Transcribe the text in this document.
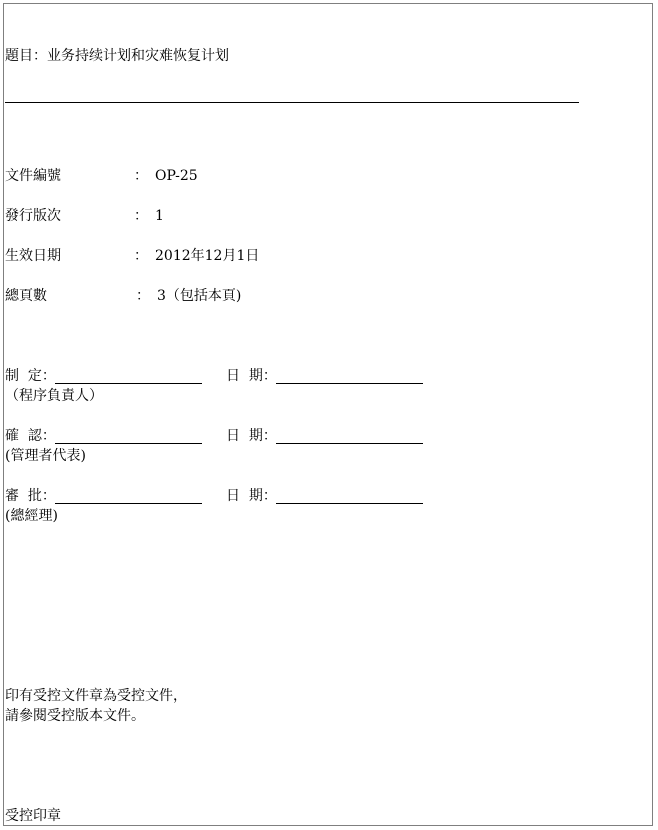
題目：业务持续计划和灾难恢复计划
文件編號	： OP-25
發行版次	： 1
生效日期	： 2012年12月1日
總頁數	： 3（包括本頁)
制  定：	日  期：
（程序負責人）
確  認：	日  期：
(管理者代表)
審  批：	日  期：
(總經理)
印有受控文件章為受控文件，
請參閱受控版本文件。
受控印章
